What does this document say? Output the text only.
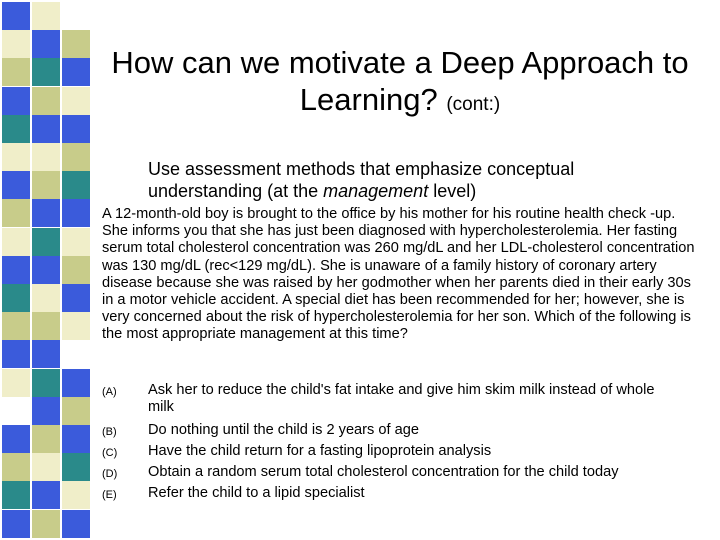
How can we motivate a Deep Approach to Learning? (cont:)
Use assessment methods that emphasize conceptual understanding (at the management level)
A 12-month-old boy is brought to the office by his mother for his routine health check -up. She informs you that she has just been diagnosed with hypercholesterolemia. Her fasting serum total cholesterol concentration was 260 mg/dL and her LDL-cholesterol concentration was 130 mg/dL (rec<129 mg/dL). She is unaware of a family history of coronary artery disease because she was raised by her godmother when her parents died in their early 30s in a motor vehicle accident. A special diet has been recommended for her; however, she is very concerned about the risk of hypercholesterolemia for her son. Which of the following is the most appropriate management at this time?
(A) Ask her to reduce the child's fat intake and give him skim milk instead of whole milk
(B) Do nothing until the child is 2 years of age
(C) Have the child return for a fasting lipoprotein analysis
(D) Obtain a random serum total cholesterol concentration for the child today
(E) Refer the child to a lipid specialist
